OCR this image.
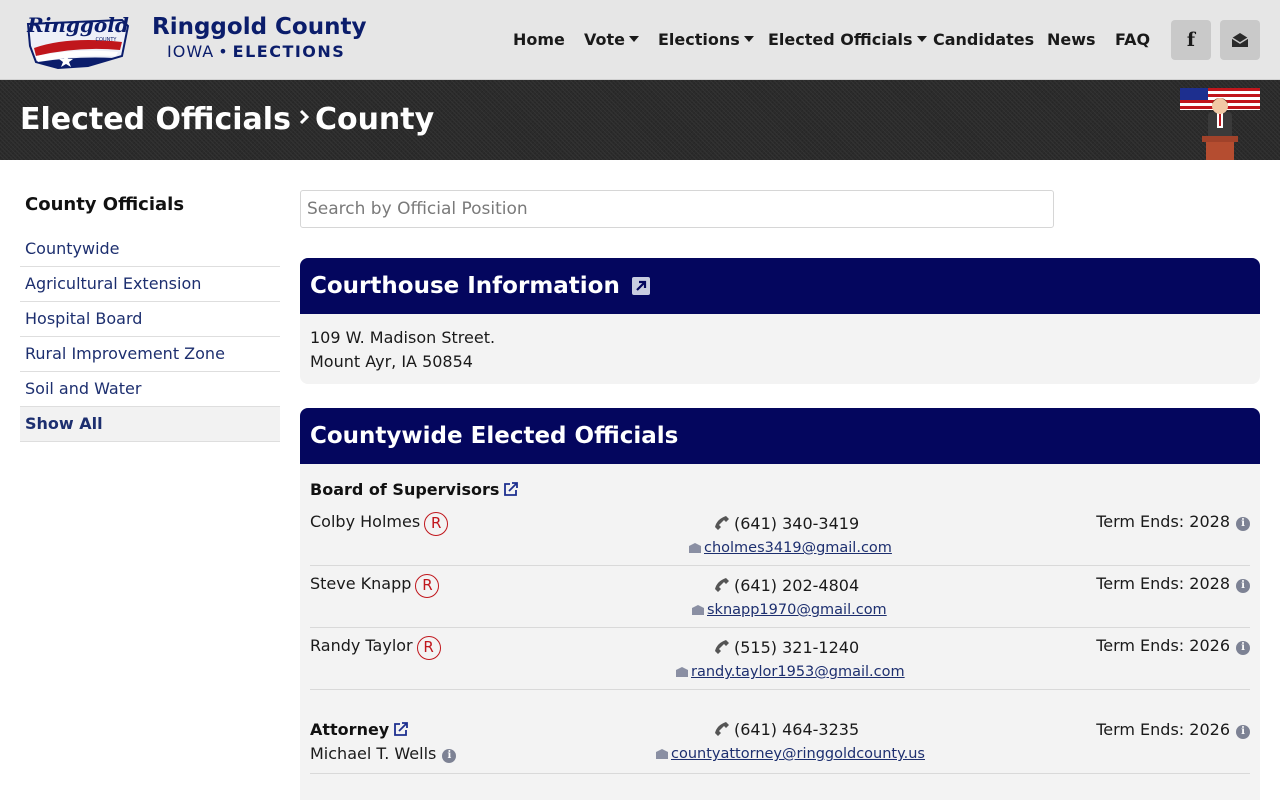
Ringgold
COUNTY Ringgold County
IOWA • ELECTIONS
Home Vote	Elections	Elected Officials	Candidates News FAQ f
Elected Officials County
County Officials
Countywide
Agricultural Extension
Hospital Board
Rural Improvement Zone
Soil and Water
Show All
Search by Official Position
Courthouse Information
109 W. Madison Street.
Mount Ayr, IA 50854
Countywide Elected Officials
Board of Supervisors
Colby Holmes R	(641) 340-3419
cholmes3419@gmail.com
Term Ends: 2028 i
Steve Knapp R	(641) 202-4804
sknapp1970@gmail.com
Term Ends: 2028 i
Randy Taylor R	(515) 321-1240
randy.taylor1953@gmail.com
Term Ends: 2026 i
Attorney
Michael T. Wells i
(641) 464-3235
countyattorney@ringgoldcounty.us
Term Ends: 2026 i
